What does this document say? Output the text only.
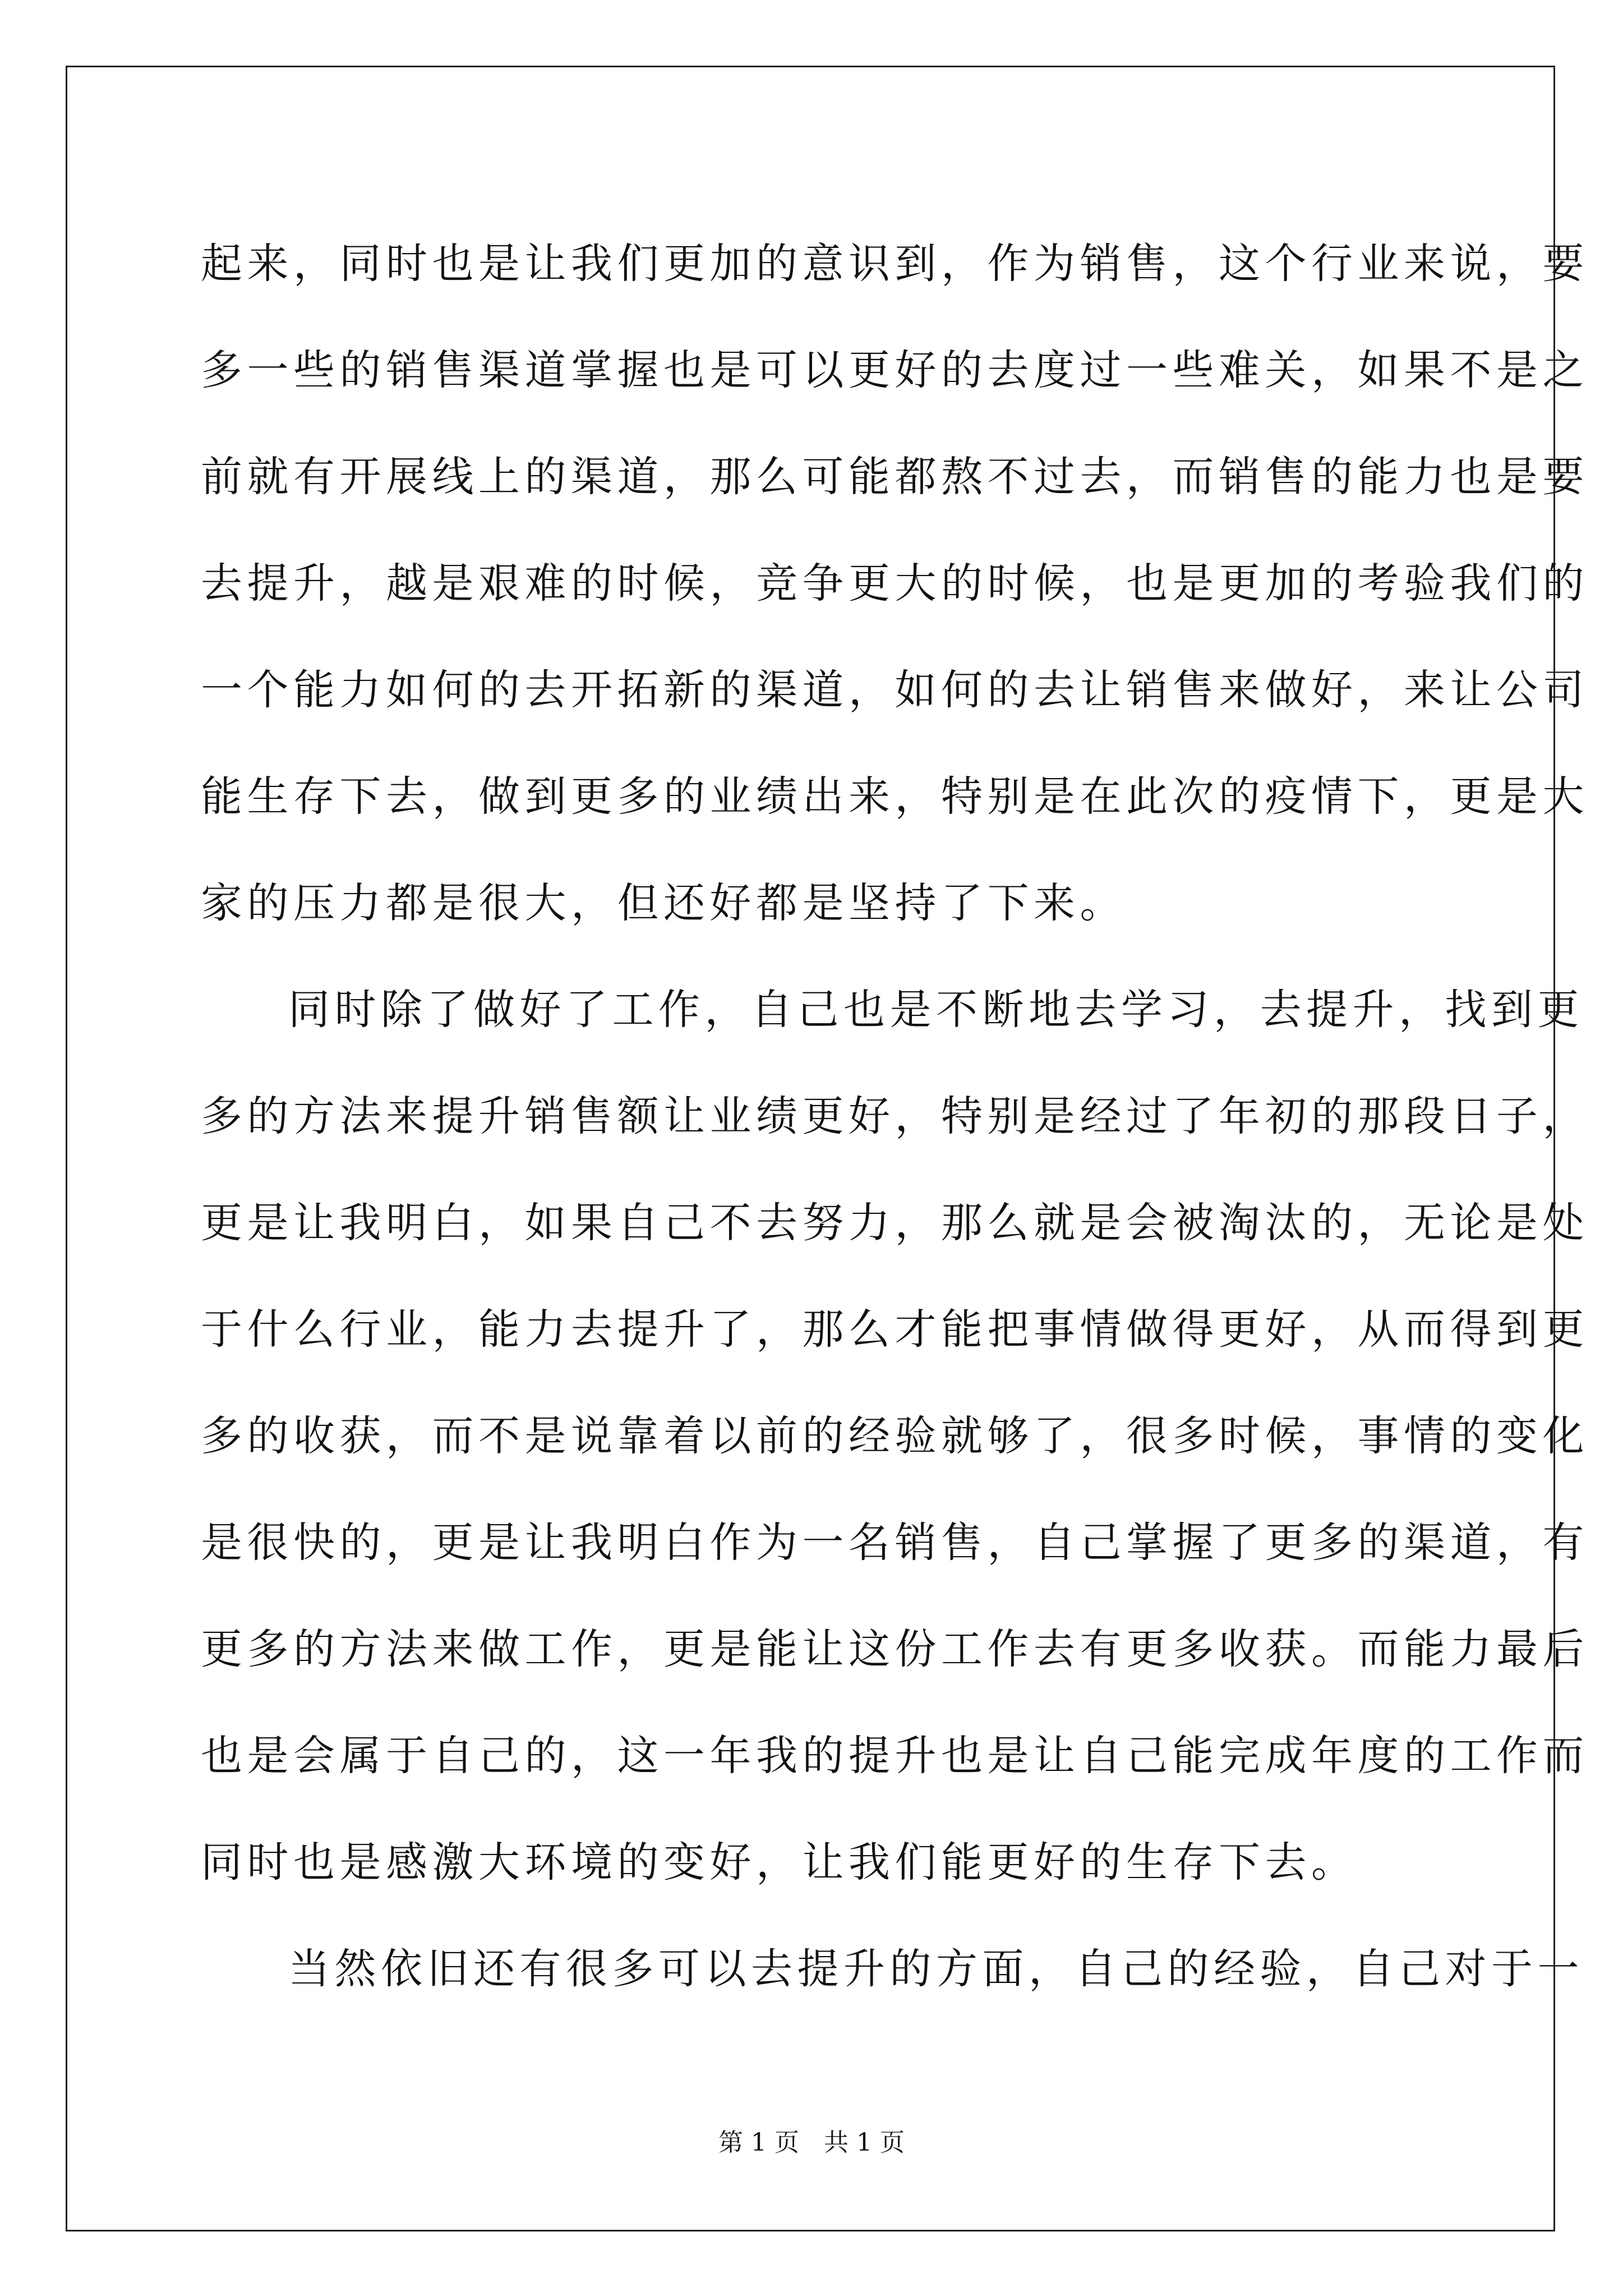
起来，同时也是让我们更加的意识到，作为销售，这个行业来说，要
多一些的销售渠道掌握也是可以更好的去度过一些难关，如果不是之
前就有开展线上的渠道，那么可能都熬不过去，而销售的能力也是要
去提升，越是艰难的时候，竞争更大的时候，也是更加的考验我们的
一个能力如何的去开拓新的渠道，如何的去让销售来做好，来让公司
能生存下去，做到更多的业绩出来，特别是在此次的疫情下，更是大
家的压力都是很大，但还好都是坚持了下来。
同时除了做好了工作，自己也是不断地去学习，去提升，找到更
多的方法来提升销售额让业绩更好，特别是经过了年初的那段日子，
更是让我明白，如果自己不去努力，那么就是会被淘汰的，无论是处
于什么行业，能力去提升了，那么才能把事情做得更好，从而得到更
多的收获，而不是说靠着以前的经验就够了，很多时候，事情的变化
是很快的，更是让我明白作为一名销售，自己掌握了更多的渠道，有
更多的方法来做工作，更是能让这份工作去有更多收获。而能力最后
也是会属于自己的，这一年我的提升也是让自己能完成年度的工作而
同时也是感激大环境的变好，让我们能更好的生存下去。
当然依旧还有很多可以去提升的方面，自己的经验，自己对于一
第 1 页　共 1 页
